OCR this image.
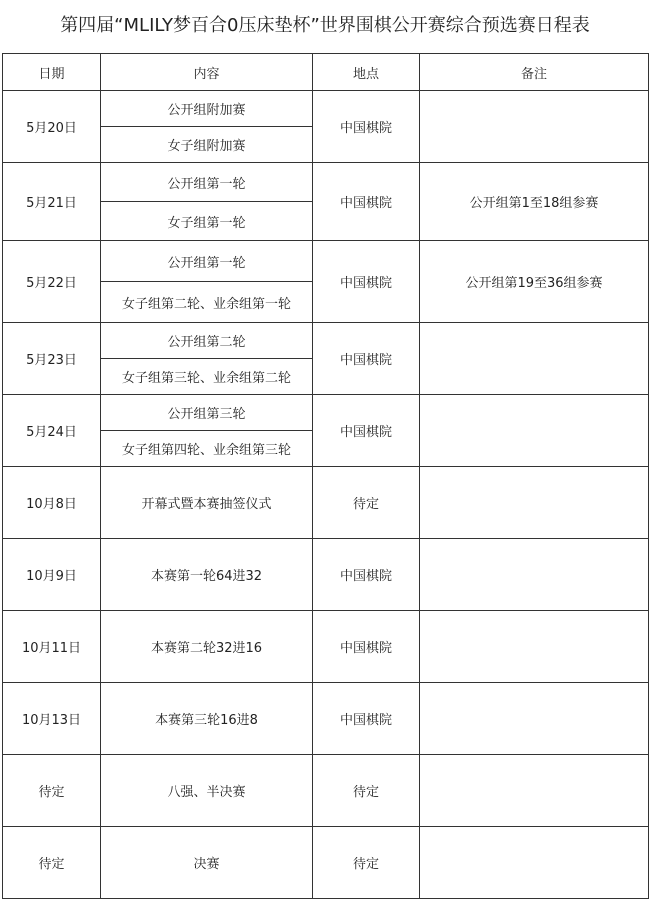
第四届“MLILY梦百合0压床垫杯”世界围棋公开赛综合预选赛日程表
日期	内容	地点	备注
5月20日	公开组附加赛	中国棋院	
	女子组附加赛		
5月21日	公开组第一轮	中国棋院	公开组第1至18组参赛
	女子组第一轮		
5月22日	公开组第一轮	中国棋院	公开组第19至36组参赛
	女子组第二轮、业余组第一轮		
5月23日	公开组第二轮	中国棋院	
	女子组第三轮、业余组第二轮		
5月24日	公开组第三轮	中国棋院	
	女子组第四轮、业余组第三轮		
10月8日	开幕式暨本赛抽签仪式	待定	
10月9日	本赛第一轮64进32	中国棋院	
10月11日	本赛第二轮32进16	中国棋院	
10月13日	本赛第三轮16进8	中国棋院	
待定	八强、半决赛	待定	
待定	决赛	待定	
